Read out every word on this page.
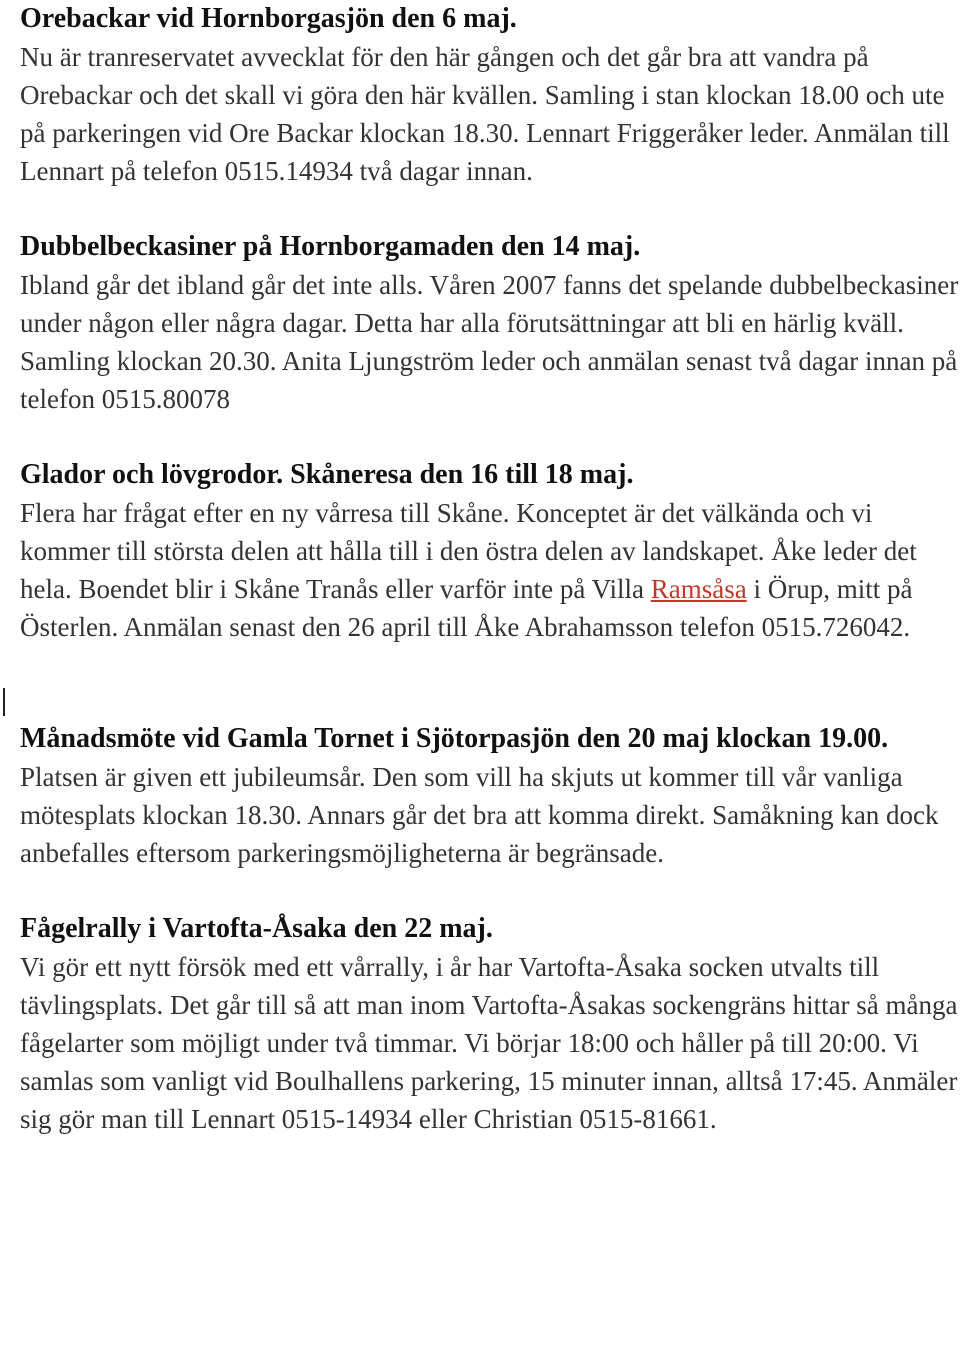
Orebackar vid Hornborgasjön den 6 maj.

Nu är tranreservatet avvecklat för den här gången och det går bra att vandra på Orebackar och det skall vi göra den här kvällen. Samling i stan klockan 18.00 och ute på parkeringen vid Ore Backar klockan 18.30. Lennart Friggeråker leder. Anmälan till Lennart på telefon 0515.14934 två dagar innan.

Dubbelbeckasiner på Hornborgamaden den 14 maj.

Ibland går det ibland går det inte alls. Våren 2007 fanns det spelande dubbelbeckasiner under någon eller några dagar. Detta har alla förutsättningar att bli en härlig kväll. Samling klockan 20.30. Anita Ljungström leder och anmälan senast två dagar innan på telefon 0515.80078

Glador och lövgrodor. Skåneresa den 16 till 18 maj.

Flera har frågat efter en ny vårresa till Skåne. Konceptet är det välkända och vi kommer till största delen att hålla till i den östra delen av landskapet. Åke leder det hela. Boendet blir i Skåne Tranås eller varför inte på Villa Ramsåsa i Örup, mitt på Österlen. Anmälan senast den 26 april till Åke Abrahamsson telefon 0515.726042.

Månadsmöte vid Gamla Tornet i Sjötorpasjön den 20 maj klockan 19.00.

Platsen är given ett jubileumsår. Den som vill ha skjuts ut kommer till vår vanliga mötesplats klockan 18.30. Annars går det bra att komma direkt. Samåkning kan dock anbefalles eftersom parkeringsmöjligheterna är begränsade.

Fågelrally i Vartofta-Åsaka den 22 maj.

Vi gör ett nytt försök med ett vårrally, i år har Vartofta-Åsaka socken utvalts till tävlingsplats. Det går till så att man inom Vartofta-Åsakas sockengräns hittar så många fågelarter som möjligt under två timmar. Vi börjar 18:00 och håller på till 20:00. Vi samlas som vanligt vid Boulhallens parkering, 15 minuter innan, alltså 17:45. Anmäler sig gör man till Lennart 0515-14934 eller Christian 0515-81661.
